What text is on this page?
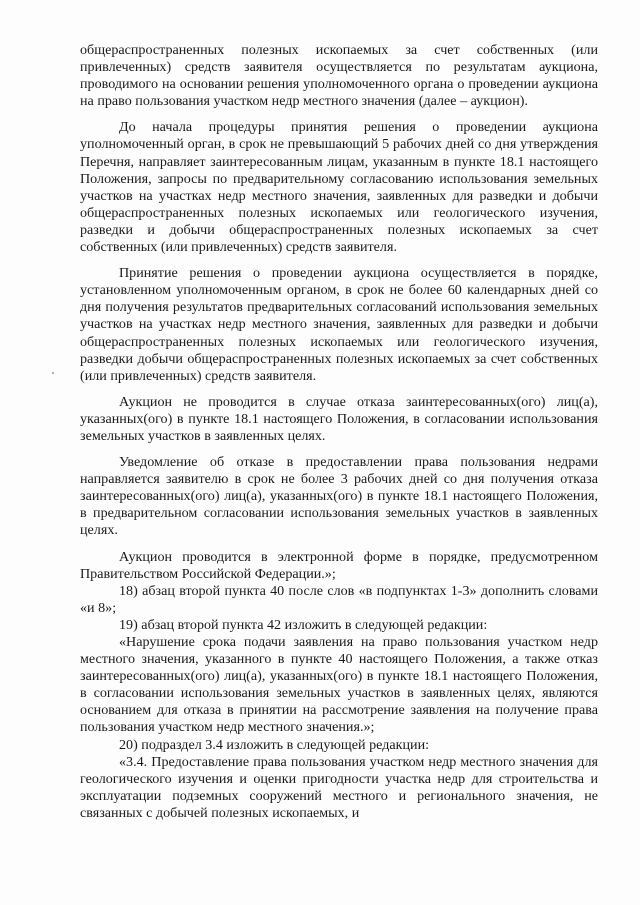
общераспространенных полезных ископаемых за счет собственных (или привлеченных) средств заявителя осуществляется по результатам аукциона, проводимого на основании решения уполномоченного органа о проведении аукциона на право пользования участком недр местного значения (далее – аукцион).

До начала процедуры принятия решения о проведении аукциона уполномоченный орган, в срок не превышающий 5 рабочих дней со дня утверждения Перечня, направляет заинтересованным лицам, указанным в пункте 18.1 настоящего Положения, запросы по предварительному согласованию использования земельных участков на участках недр местного значения, заявленных для разведки и добычи общераспространенных полезных ископаемых или геологического изучения, разведки и добычи общераспространенных полезных ископаемых за счет собственных (или привлеченных) средств заявителя.

Принятие решения о проведении аукциона осуществляется в порядке, установленном уполномоченным органом, в срок не более 60 календарных дней со дня получения результатов предварительных согласований использования земельных участков на участках недр местного значения, заявленных для разведки и добычи общераспространенных полезных ископаемых или геологического изучения, разведки добычи общераспространенных полезных ископаемых за счет собственных (или привлеченных) средств заявителя.

Аукцион не проводится в случае отказа заинтересованных(ого) лиц(а), указанных(ого) в пункте 18.1 настоящего Положения, в согласовании использования земельных участков в заявленных целях.

Уведомление об отказе в предоставлении права пользования недрами направляется заявителю в срок не более 3 рабочих дней со дня получения отказа заинтересованных(ого) лиц(а), указанных(ого) в пункте 18.1 настоящего Положения, в предварительном согласовании использования земельных участков в заявленных целях.

Аукцион проводится в электронной форме в порядке, предусмотренном Правительством Российской Федерации.»;

18) абзац второй пункта 40 после слов «в подпунктах 1-3» дополнить словами «и 8»;

19) абзац второй пункта 42 изложить в следующей редакции:

«Нарушение срока подачи заявления на право пользования участком недр местного значения, указанного в пункте 40 настоящего Положения, а также отказ заинтересованных(ого) лиц(а), указанных(ого) в пункте 18.1 настоящего Положения, в согласовании использования земельных участков в заявленных целях, являются основанием для отказа в принятии на рассмотрение заявления на получение права пользования участком недр местного значения.»;

20) подраздел 3.4 изложить в следующей редакции:

«3.4. Предоставление права пользования участком недр местного значения для геологического изучения и оценки пригодности участка недр для строительства и эксплуатации подземных сооружений местного и регионального значения, не связанных с добычей полезных ископаемых, и
